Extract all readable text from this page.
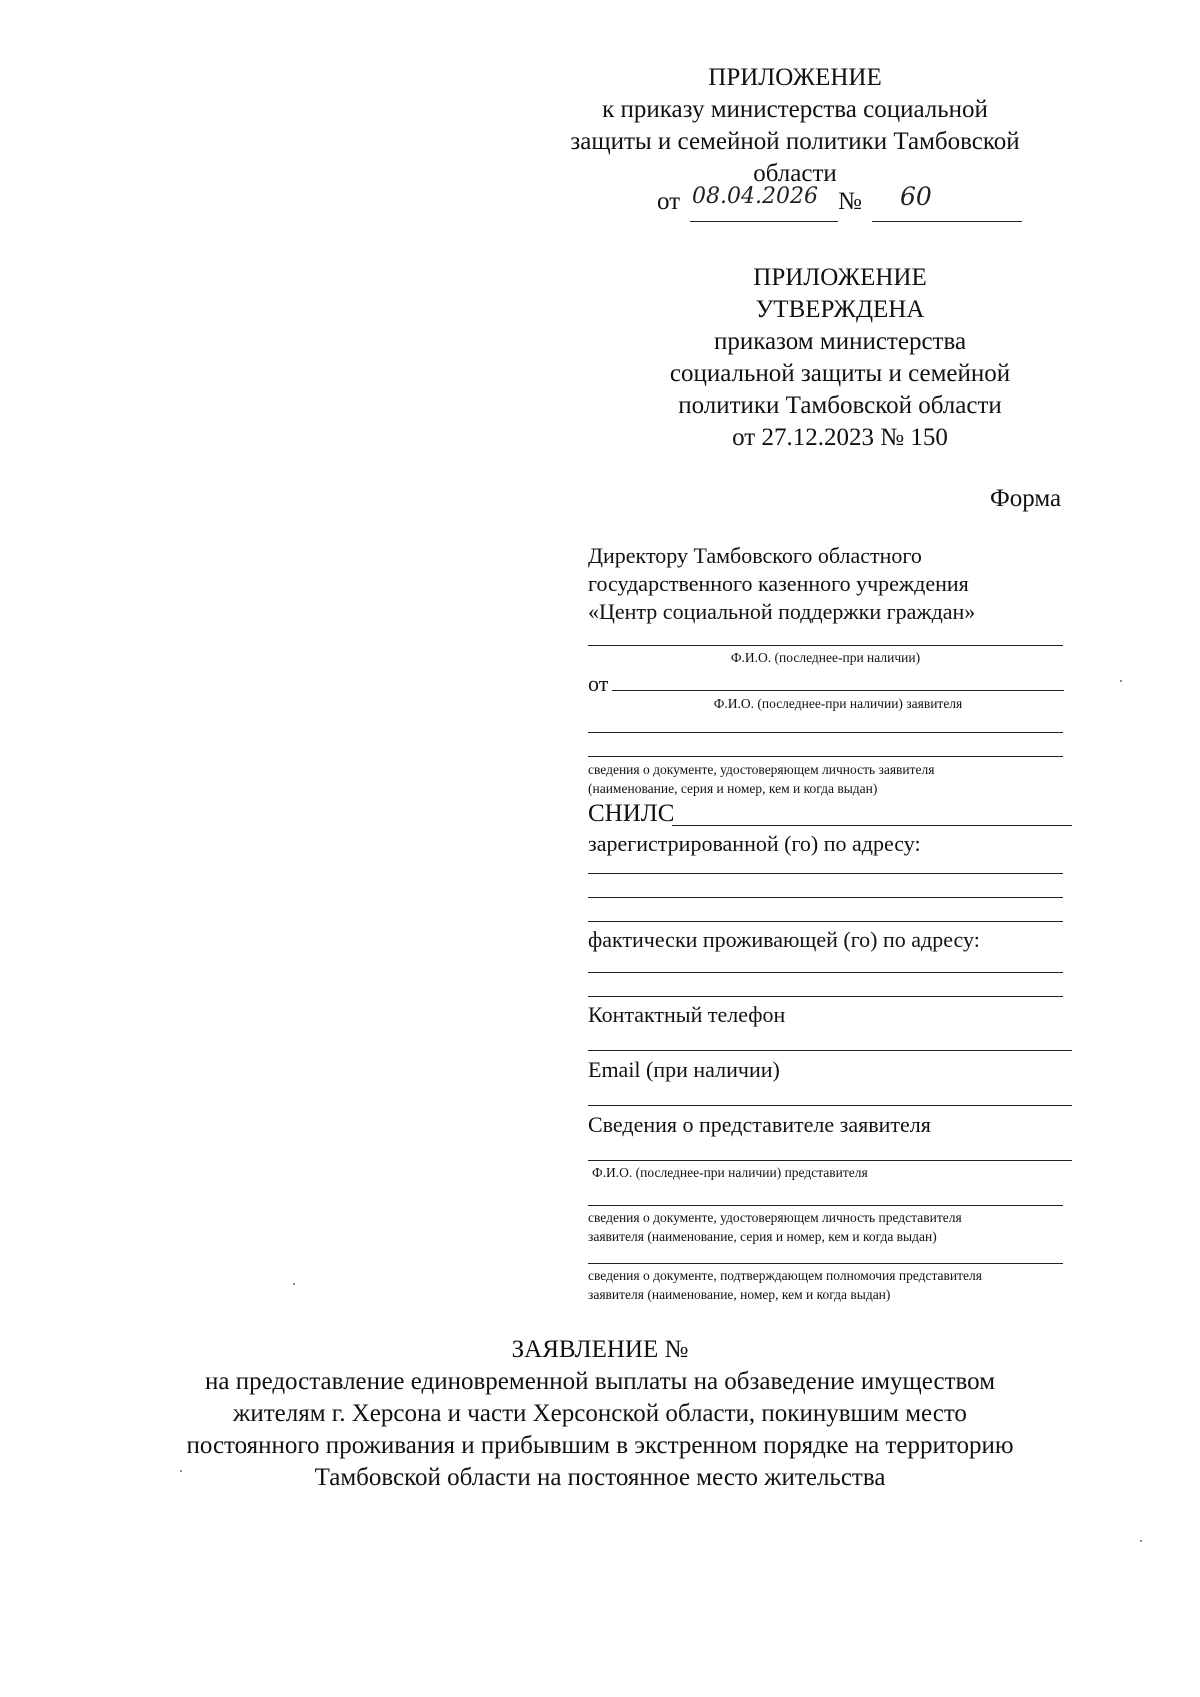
ПРИЛОЖЕНИЕ
к приказу министерства социальной
защиты и семейной политики Тамбовской
области
от 08.04.2026 № 60
ПРИЛОЖЕНИЕ
УТВЕРЖДЕНА
приказом министерства
социальной защиты и семейной
политики Тамбовской области
от 27.12.2023 № 150
Форма
Директору Тамбовского областного
государственного казенного учреждения
«Центр социальной поддержки граждан»
Ф.И.О. (последнее-при наличии)
от
Ф.И.О. (последнее-при наличии) заявителя
сведения о документе, удостоверяющем личность заявителя
(наименование, серия и номер, кем и когда выдан)
СНИЛС
зарегистрированной (го) по адресу:
фактически проживающей (го) по адресу:
Контактный телефон
Email (при наличии)
Сведения о представителе заявителя
Ф.И.О. (последнее-при наличии) представителя
сведения о документе, удостоверяющем личность представителя
заявителя (наименование, серия и номер, кем и когда выдан)
сведения о документе, подтверждающем полномочия представителя
заявителя (наименование, номер, кем и когда выдан)
ЗАЯВЛЕНИЕ №
на предоставление единовременной выплаты на обзаведение имуществом
жителям г. Херсона и части Херсонской области, покинувшим место
постоянного проживания и прибывшим в экстренном порядке на территорию
Тамбовской области на постоянное место жительства
